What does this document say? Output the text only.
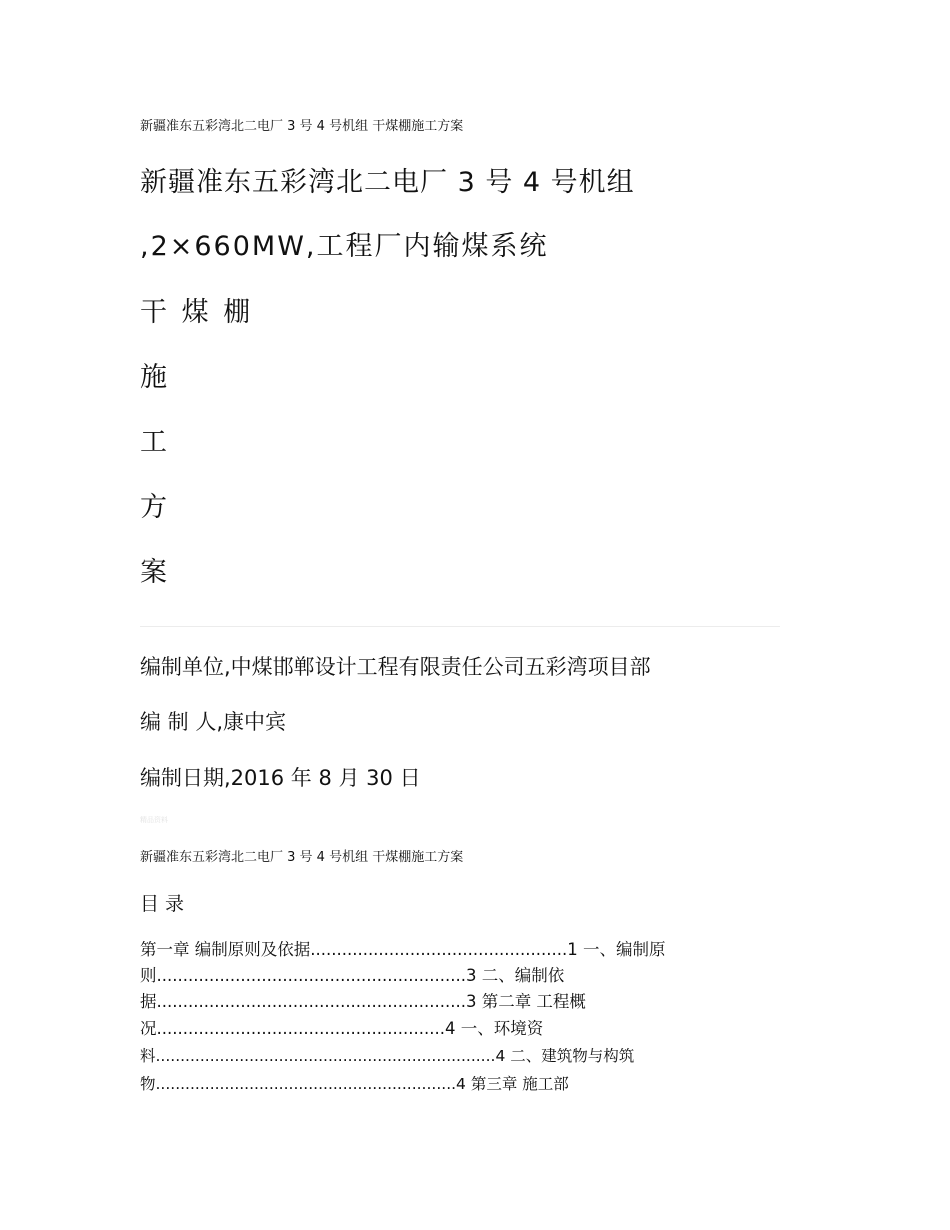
新疆准东五彩湾北二电厂 3 号 4 号机组 干煤棚施工方案
新疆准东五彩湾北二电厂 3 号 4 号机组
,2×660MW,工程厂内输煤系统
干 煤 棚
施
工
方
案
编制单位,中煤邯郸设计工程有限责任公司五彩湾项目部
编 制 人,康中宾
编制日期,2016 年 8 月 30 日
精品资料
新疆准东五彩湾北二电厂 3 号 4 号机组 干煤棚施工方案
目 录
第一章 编制原则及依据.................................................1 一、编制原
则...........................................................3 二、编制依
据...........................................................3 第二章 工程概
况.......................................................4 一、环境资
料.....................................................................4 二、建筑物与构筑
物.............................................................4 第三章 施工部
